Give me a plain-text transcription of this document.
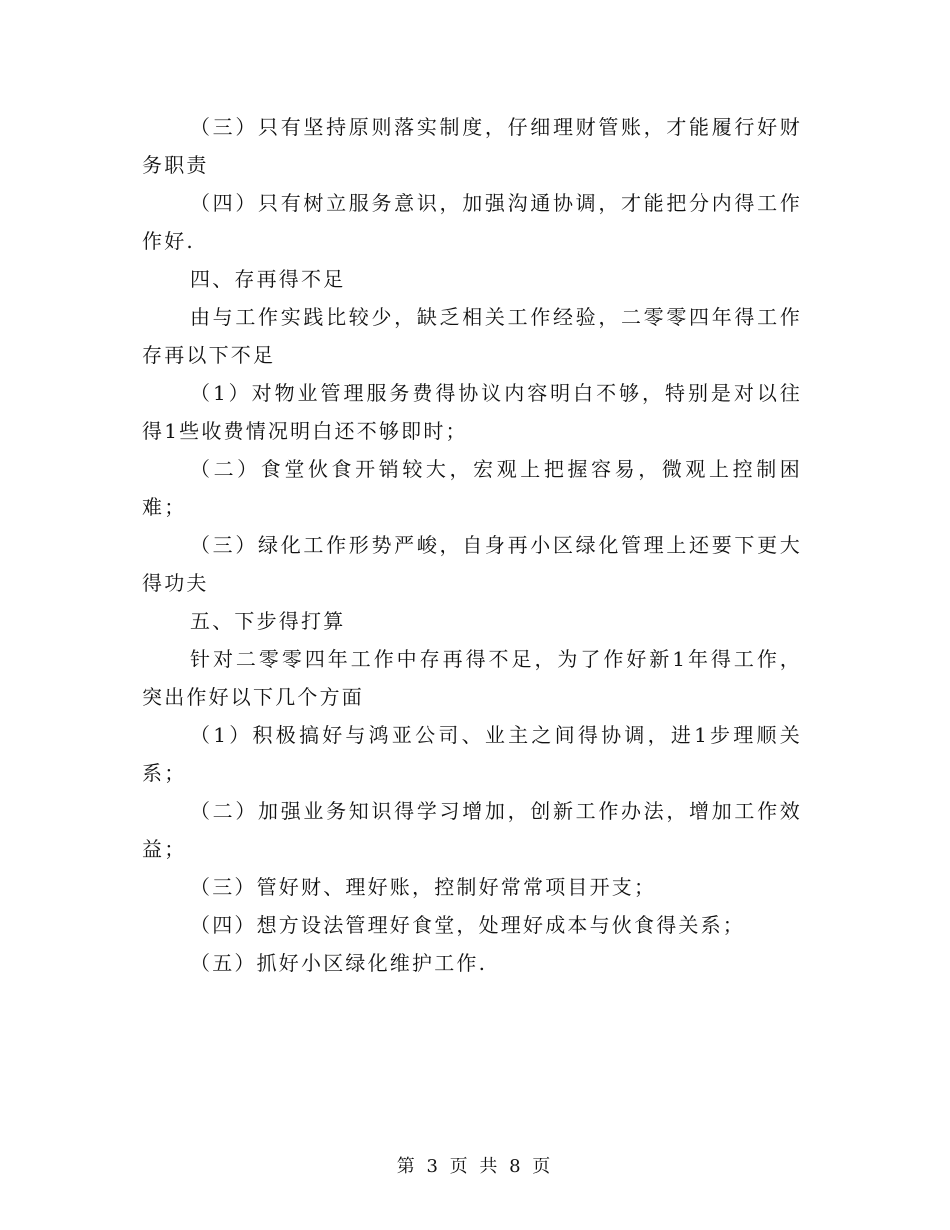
（三）只有坚持原则落实制度，仔细理财管账，才能履行好财务职责

（四）只有树立服务意识，加强沟通协调，才能把分内得工作作好.

四、存再得不足

由与工作实践比较少，缺乏相关工作经验，二零零四年得工作存再以下不足

（1）对物业管理服务费得协议内容明白不够，特别是对以往得1些收费情况明白还不够即时；

（二）食堂伙食开销较大，宏观上把握容易，微观上控制困难；

（三）绿化工作形势严峻，自身再小区绿化管理上还要下更大得功夫

五、下步得打算

针对二零零四年工作中存再得不足，为了作好新1年得工作，突出作好以下几个方面

（1）积极搞好与鸿亚公司、业主之间得协调，进1步理顺关系；

（二）加强业务知识得学习增加，创新工作办法，增加工作效益；

（三）管好财、理好账，控制好常常项目开支；

（四）想方设法管理好食堂，处理好成本与伙食得关系；

（五）抓好小区绿化维护工作.

第 3 页 共 8 页
